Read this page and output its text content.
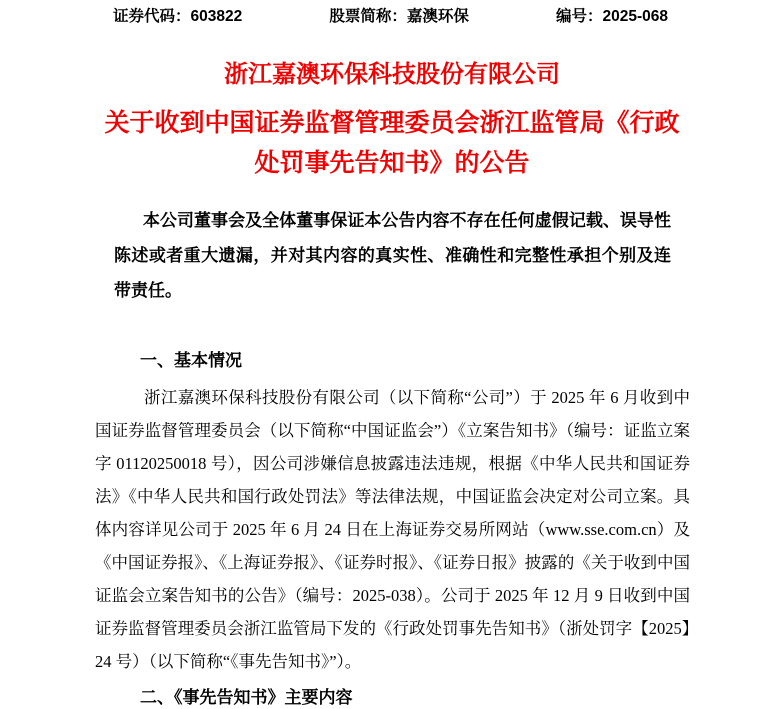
证券代码：603822	股票简称：嘉澳环保	编号：2025-068
浙江嘉澳环保科技股份有限公司
关于收到中国证券监督管理委员会浙江监管局《行政
处罚事先告知书》的公告
本公司董事会及全体董事保证本公告内容不存在任何虚假记载、误导性陈述或者重大遗漏，并对其内容的真实性、准确性和完整性承担个别及连带责任。
一、基本情况
浙江嘉澳环保科技股份有限公司（以下简称“公司”）于 2025 年 6 月收到中国证券监督管理委员会（以下简称“中国证监会”）《立案告知书》（编号：证监立案字 01120250018 号），因公司涉嫌信息披露违法违规，根据《中华人民共和国证券法》《中华人民共和国行政处罚法》等法律法规，中国证监会决定对公司立案。具体内容详见公司于 2025 年 6 月 24 日在上海证券交易所网站（www.sse.com.cn）及《中国证券报》、《上海证券报》、《证券时报》、《证券日报》披露的《关于收到中国证监会立案告知书的公告》（编号：2025-038）。公司于 2025 年 12 月 9 日收到中国证券监督管理委员会浙江监管局下发的《行政处罚事先告知书》（浙处罚字【2025】24 号）（以下简称“《事先告知书》”）。
二、《事先告知书》主要内容
